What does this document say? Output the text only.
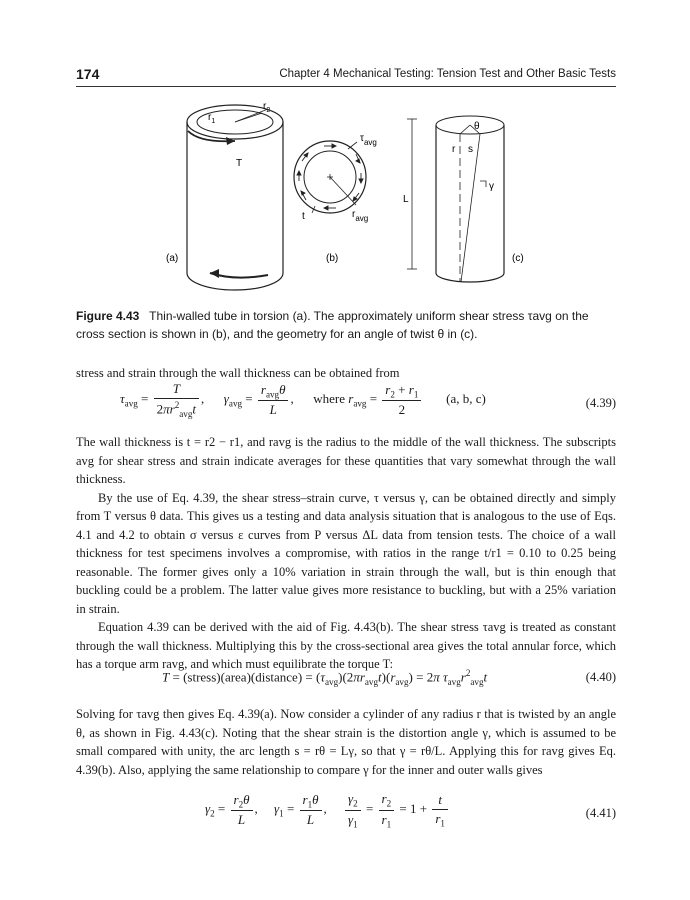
174	Chapter 4 Mechanical Testing: Tension Test and Other Basic Tests
$r_1$
$r_2$
T
(a)
$\tau_{avg}$
t	$r_{avg}$
(b)
θ
r s
γ
L
(c)
Figure 4.43 Thin-walled tube in torsion (a). The approximately uniform shear stress τavg on the cross section is shown in (b), and the geometry for an angle of twist θ in (c).
stress and strain through the wall thickness can be obtained from
$\tau_{avg} = \frac{T}{2\pi r^2_{avg}t}$ ,      $\gamma_{avg} = \frac{r_{avg}\theta}{L}$ ,      where $r_{avg} = \frac{r_2 + r_1}{2} (a$, b, c)	(4.39)

The wall thickness is t = r2 − r1, and ravg is the radius to the middle of the wall thickness. The subscripts avg for shear stress and strain indicate averages for these quantities that vary somewhat through the wall thickness.

By the use of Eq. 4.39, the shear stress–strain curve, τ versus γ, can be obtained directly and simply from T versus θ data. This gives us a testing and data analysis situation that is analogous to the use of Eqs. 4.1 and 4.2 to obtain σ versus ε curves from P versus ΔL data from tension tests. The choice of a wall thickness for test specimens involves a compromise, with ratios in the range t/r1 = 0.10 to 0.25 being reasonable. The former gives only a 10% variation in strain through the wall, but is thin enough that buckling could be a problem. The latter value gives more resistance to buckling, but with a 25% variation in strain.

Equation 4.39 can be derived with the aid of Fig. 4.43(b). The shear stress τavg is treated as constant through the wall thickness. Multiplying this by the cross-sectional area gives the total annular force, which has a torque arm ravg, and which must equilibrate the torque T:

T = (stress)(area)(distance) = $(\tau_{avg})(2\pi r_{avg}t)(r_{avg}) = 2\pi$ $\tau_{avg}r^2_{avg}t$	(4.40)
Solving for τavg then gives Eq. 4.39(a). Now consider a cylinder of any radius r that is twisted by an angle θ, as shown in Fig. 4.43(c). Noting that the shear strain is the distortion angle γ, which is assumed to be small compared with unity, the arc length s = rθ = Lγ, so that γ = rθ/L. Applying this for ravg gives Eq. 4.39(b). Also, applying the same relationship to compare γ for the inner and outer walls gives
$\gamma_2 = \frac{r_2\theta}{L}$ ,     $\gamma_1 = \frac{r_1\theta}{L}$ , $\frac{\gamma_2}{\gamma_1} = \frac{r_2}{r_1} = 1 + \frac{t}{r_1}$	(4.41)
